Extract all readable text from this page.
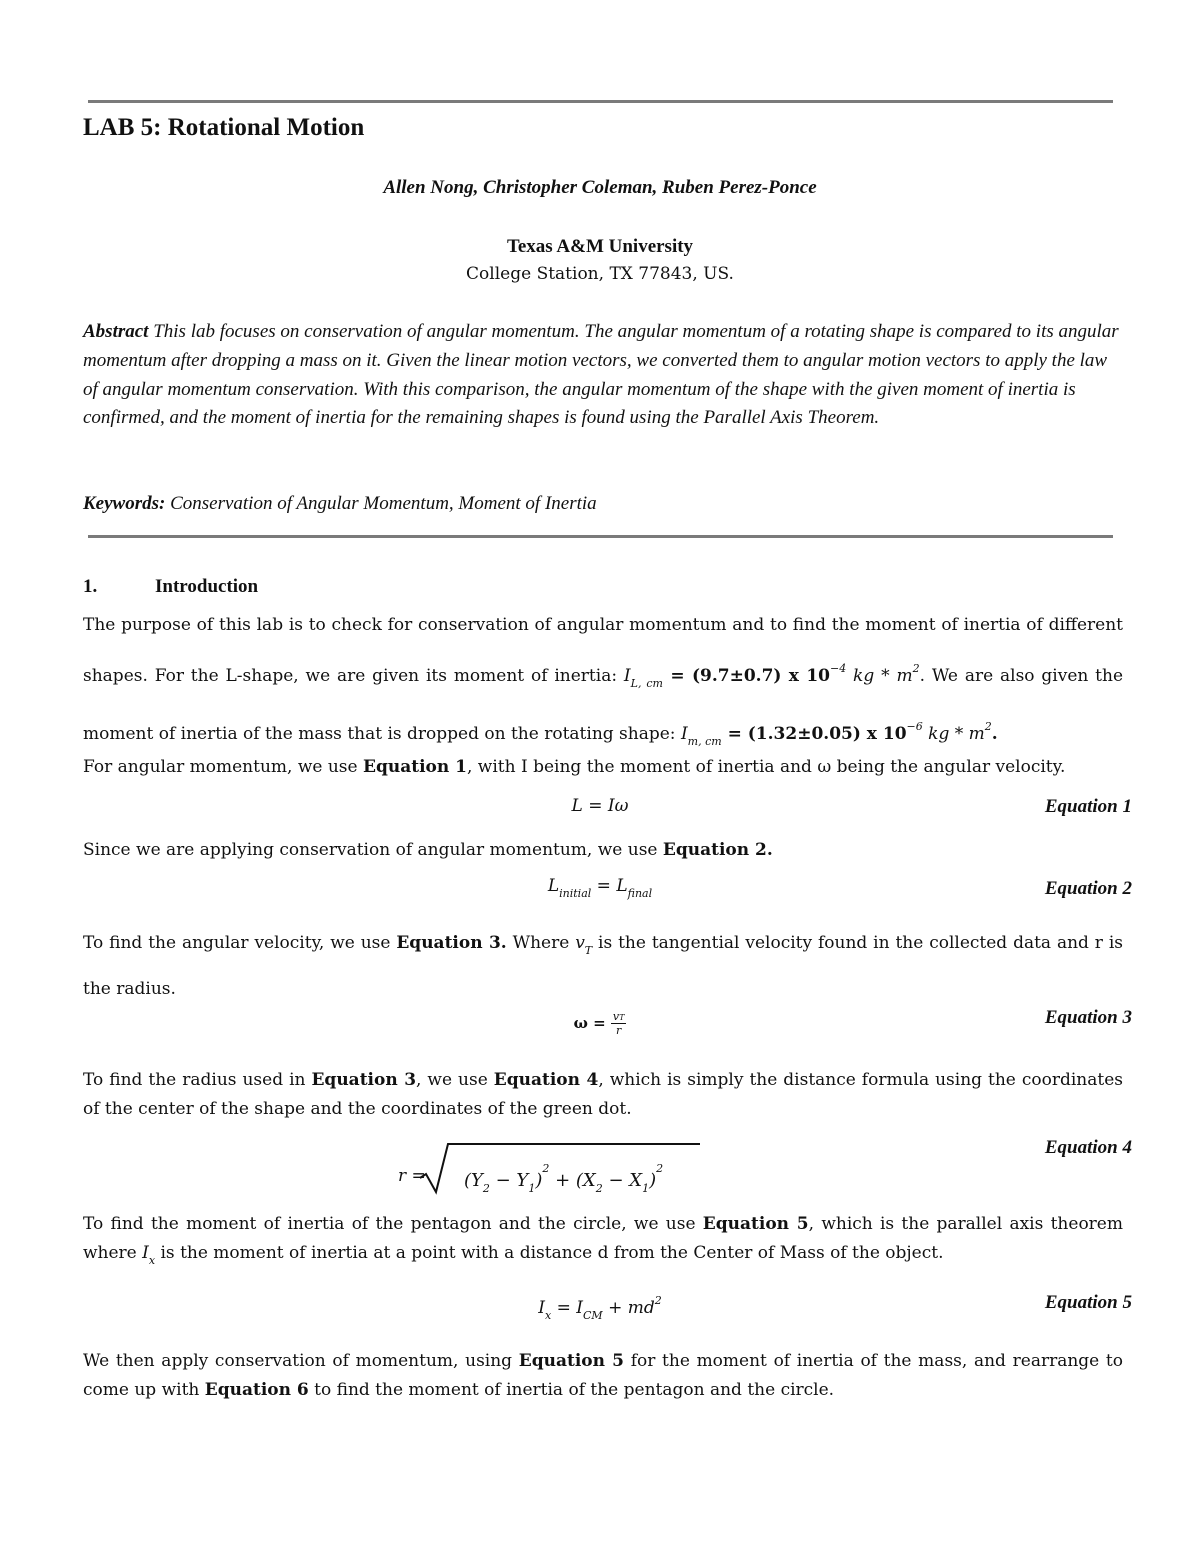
LAB 5: Rotational Motion
Allen Nong, Christopher Coleman, Ruben Perez-Ponce
Texas A&M University
College Station, TX 77843, US.
Abstract This lab focuses on conservation of angular momentum. The angular momentum of a rotating shape is compared to its angular momentum after dropping a mass on it. Given the linear motion vectors, we converted them to angular motion vectors to apply the law of angular momentum conservation. With this comparison, the angular momentum of the shape with the given moment of inertia is confirmed, and the moment of inertia for the remaining shapes is found using the Parallel Axis Theorem.
Keywords: Conservation of Angular Momentum, Moment of Inertia
1.	Introduction
The purpose of this lab is to check for conservation of angular momentum and to find the moment of inertia of different shapes. For the L-shape, we are given its moment of inertia: $I_{L, cm} = (9.7\pm 0.7)$ x $10^{-4}$ kg * $m^2$. We are also given the moment of inertia of the mass that is dropped on the rotating shape: $I_{m, cm} = (1.32\pm 0.05)$ x $10^{-6}$ kg * $m^2$.
For angular momentum, we use Equation 1, with I being the moment of inertia and ω being the angular velocity.
L = Iω	Equation 1
Since we are applying conservation of angular momentum, we use Equation 2.
$L_{initial} = L_{final}$	Equation 2
To find the angular velocity, we use Equation 3. Where $v_T$ is the tangential velocity found in the collected data and r is the radius.
$\omega = \frac{vT}{r}$	Equation 3
To find the radius used in Equation 3, we use Equation 4, which is simply the distance formula using the coordinates of the center of the shape and the coordinates of the green dot.
Equation 4
$r = (Y_2 - Y_1)^2 + (X_2 - X_1)^2$
To find the moment of inertia of the pentagon and the circle, we use Equation 5, which is the parallel axis theorem where $I_x$ is the moment of inertia at a point with a distance d from the Center of Mass of the object.
$I_x = I_{CM} + md^2$	Equation 5
We then apply conservation of momentum, using Equation 5 for the moment of inertia of the mass, and rearrange to come up with Equation 6 to find the moment of inertia of the pentagon and the circle.
